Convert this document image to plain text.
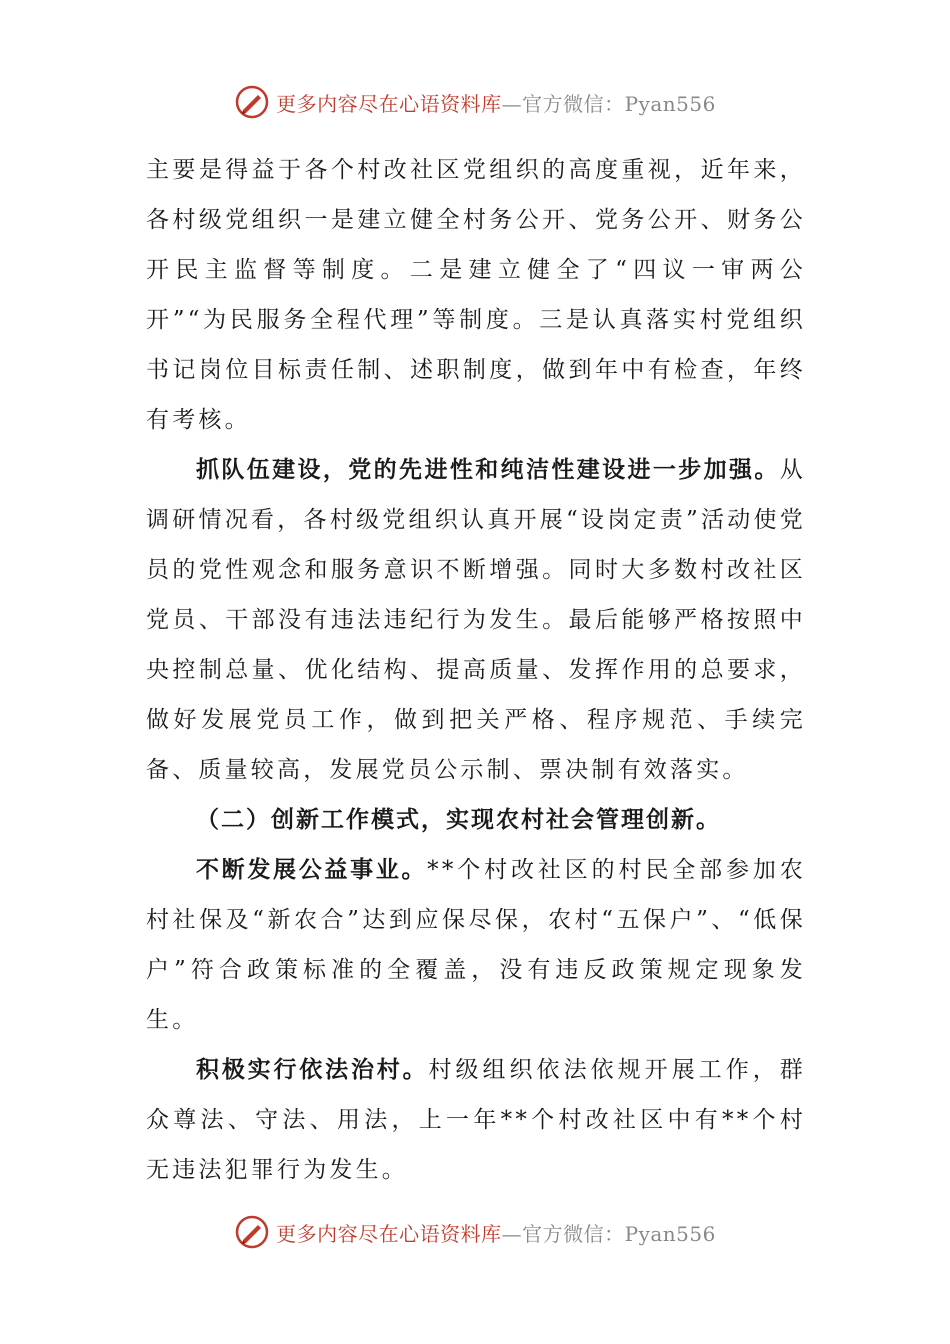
更多内容尽在心语资料库—官方微信：Pyan556

主要是得益于各个村改社区党组织的高度重视，近年来，各村级党组织一是建立健全村务公开、党务公开、财务公开民主监督等制度。二是建立健全了“四议一审两公开”“为民服务全程代理”等制度。三是认真落实村党组织书记岗位目标责任制、述职制度，做到年中有检查，年终有考核。

抓队伍建设，党的先进性和纯洁性建设进一步加强。从调研情况看，各村级党组织认真开展“设岗定责”活动使党员的党性观念和服务意识不断增强。同时大多数村改社区党员、干部没有违法违纪行为发生。最后能够严格按照中央控制总量、优化结构、提高质量、发挥作用的总要求，做好发展党员工作，做到把关严格、程序规范、手续完备、质量较高，发展党员公示制、票决制有效落实。

（二）创新工作模式，实现农村社会管理创新。

不断发展公益事业。**个村改社区的村民全部参加农村社保及“新农合”达到应保尽保，农村“五保户”、“低保户”符合政策标准的全覆盖，没有违反政策规定现象发生。

积极实行依法治村。村级组织依法依规开展工作，群众尊法、守法、用法，上一年**个村改社区中有**个村无违法犯罪行为发生。

更多内容尽在心语资料库—官方微信：Pyan556
